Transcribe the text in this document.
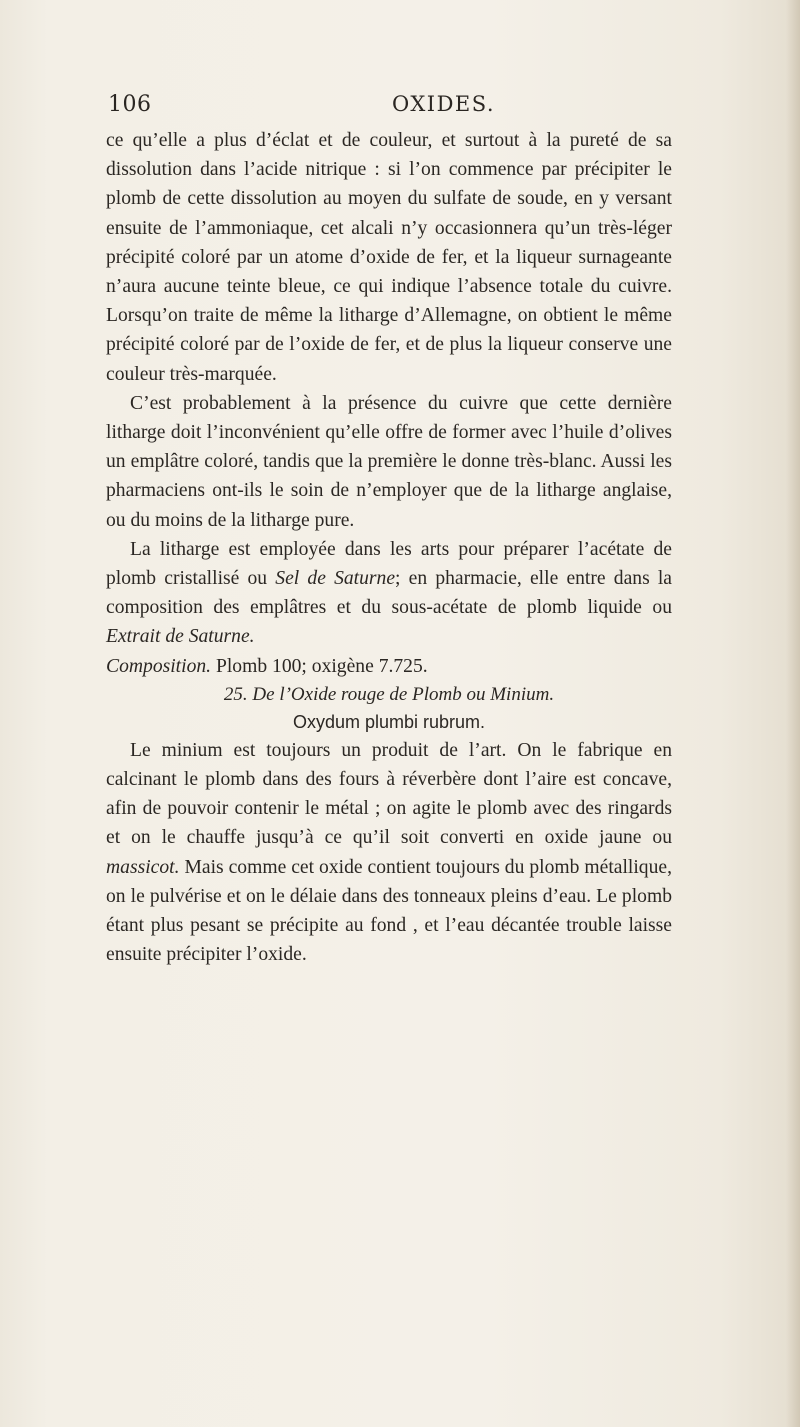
106	OXIDES.

ce qu’elle a plus d’éclat et de couleur, et surtout à la pureté de sa dissolution dans l’acide nitrique : si l’on commence par précipiter le plomb de cette dissolution au moyen du sulfate de soude, en y versant ensuite de l’ammoniaque, cet alcali n’y occasionnera qu’un très-léger précipité coloré par un atome d’oxide de fer, et la liqueur surnageante n’aura aucune teinte bleue, ce qui indique l’absence totale du cuivre. Lorsqu’on traite de même la litharge d’Allemagne, on obtient le même précipité coloré par de l’oxide de fer, et de plus la liqueur conserve une couleur très-marquée.

C’est probablement à la présence du cuivre que cette dernière litharge doit l’inconvénient qu’elle offre de former avec l’huile d’olives un emplâtre coloré, tandis que la première le donne très-blanc. Aussi les pharmaciens ont-ils le soin de n’employer que de la litharge anglaise, ou du moins de la litharge pure.

La litharge est employée dans les arts pour préparer l’acétate de plomb cristallisé ou Sel de Saturne; en pharmacie, elle entre dans la composition des emplâtres et du sous-acétate de plomb liquide ou Extrait de Saturne.
Composition. Plomb 100; oxigène 7.725.

25. De l’Oxide rouge de Plomb ou Minium.

Oxydum plumbi rubrum.

Le minium est toujours un produit de l’art. On le fabrique en calcinant le plomb dans des fours à réverbère dont l’aire est concave, afin de pouvoir contenir le métal ; on agite le plomb avec des ringards et on le chauffe jusqu’à ce qu’il soit converti en oxide jaune ou massicot. Mais comme cet oxide contient toujours du plomb métallique, on le pulvérise et on le délaie dans des tonneaux pleins d’eau. Le plomb étant plus pesant se précipite au fond , et l’eau décantée trouble laisse ensuite précipiter l’oxide.
